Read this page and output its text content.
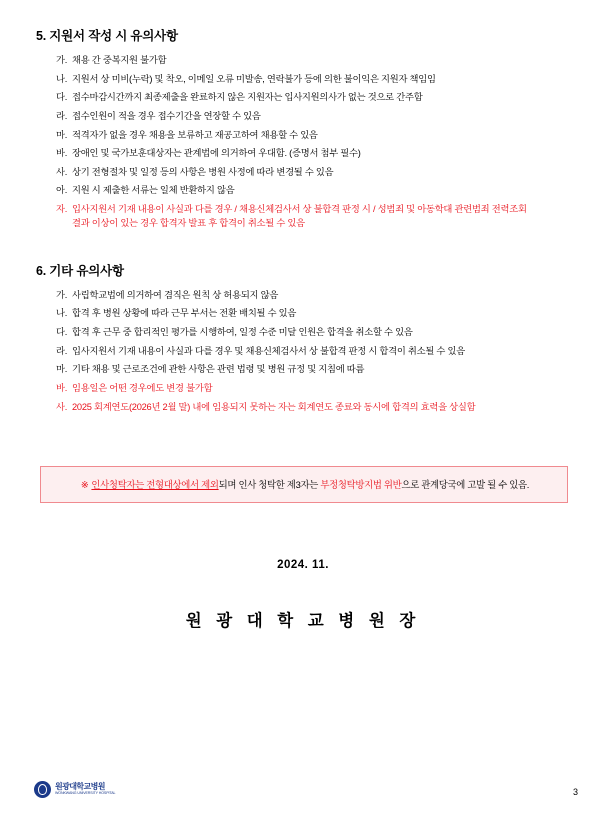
5. 지원서 작성 시 유의사항
가. 채용 간 중복지원 불가함
나. 지원서 상 미비(누락) 및 착오, 이메일 오류 미발송, 연락불가 등에 의한 불이익은 지원자 책임임
다. 접수마감시간까지 최종제출을 완료하지 않은 지원자는 입사지원의사가 없는 것으로 간주함
라. 접수인원이 적을 경우 접수기간을 연장할 수 있음
마. 적격자가 없을 경우 채용을 보류하고 재공고하여 채용할 수 있음
바. 장애인 및 국가보훈대상자는 관계법에 의거하여 우대함. (증명서 첨부 필수)
사. 상기 전형절차 및 일정 등의 사항은 병원 사정에 따라 변경될 수 있음
아. 지원 시 제출한 서류는 일체 반환하지 않음
자. 입사지원서 기재 내용이 사실과 다를 경우 / 채용신체검사서 상 불합격 판정 시 / 성범죄 및 아동학대 관련범죄 전력조회
결과 이상이 있는 경우 합격자 발표 후 합격이 취소될 수 있음
6. 기타 유의사항
가. 사립학교법에 의거하여 겸직은 원칙 상 허용되지 않음
나. 합격 후 병원 상황에 따라 근무 부서는 전환 배치될 수 있음
다. 합격 후 근무 중 합리적인 평가를 시행하여, 일정 수준 미달 인원은 합격을 취소할 수 있음
라. 입사지원서 기재 내용이 사실과 다를 경우 및 채용신체검사서 상 불합격 판정 시 합격이 취소될 수 있음
마. 기타 채용 및 근로조건에 관한 사항은 관련 법령 및 병원 규정 및 지침에 따름
바. 임용일은 어떤 경우에도 변경 불가함
사. 2025 회계연도(2026년 2월 말) 내에 임용되지 못하는 자는 회계연도 종료와 동시에 합격의 효력을 상실함
※ 인사청탁자는 전형대상에서 제외되며 인사 청탁한 제3자는 부정청탁방지법 위반으로 관계당국에 고발 될 수 있음.
2024. 11.
원 광 대 학 교 병 원 장
원광대학교병원
WONKWANG UNIVERSITY HOSPITAL	3
